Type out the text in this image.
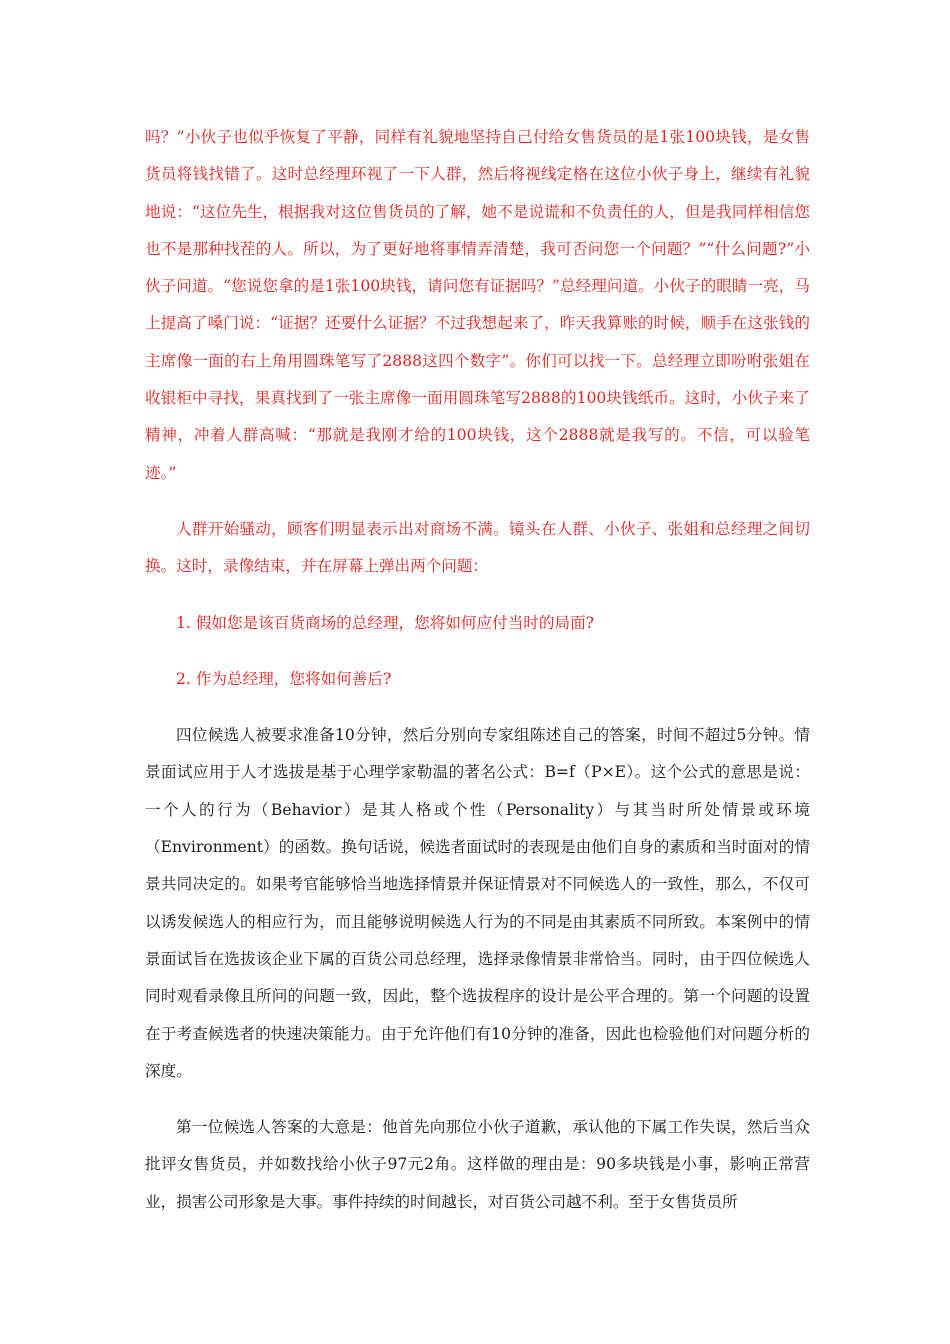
吗？”小伙子也似乎恢复了平静，同样有礼貌地坚持自己付给女售货员的是1张100块钱，是女售货员将钱找错了。这时总经理环视了一下人群，然后将视线定格在这位小伙子身上，继续有礼貌地说：“这位先生，根据我对这位售货员的了解，她不是说谎和不负责任的人，但是我同样相信您也不是那种找茬的人。所以，为了更好地将事情弄清楚，我可否问您一个问题？”“什么问题?”小伙子问道。“您说您拿的是1张100块钱，请问您有证据吗？”总经理问道。小伙子的眼睛一亮，马上提高了嗓门说：“证据？还要什么证据？不过我想起来了，昨天我算账的时候，顺手在这张钱的主席像一面的右上角用圆珠笔写了2888这四个数字”。你们可以找一下。总经理立即吩咐张姐在收银柜中寻找，果真找到了一张主席像一面用圆珠笔写2888的100块钱纸币。这时，小伙子来了精神，冲着人群高喊：“那就是我刚才给的100块钱，这个2888就是我写的。不信，可以验笔迹。”

人群开始骚动，顾客们明显表示出对商场不满。镜头在人群、小伙子、张姐和总经理之间切换。这时，录像结束，并在屏幕上弹出两个问题：

1. 假如您是该百货商场的总经理，您将如何应付当时的局面?

2. 作为总经理，您将如何善后?

四位候选人被要求准备10分钟，然后分别向专家组陈述自己的答案，时间不超过5分钟。情景面试应用于人才选拔是基于心理学家勒温的著名公式：B=f（P×E）。这个公式的意思是说：一个人的行为（Behavior）是其人格或个性（Personality）与其当时所处情景或环境（Environment）的函数。换句话说，候选者面试时的表现是由他们自身的素质和当时面对的情景共同决定的。如果考官能够恰当地选择情景并保证情景对不同候选人的一致性，那么，不仅可以诱发候选人的相应行为，而且能够说明候选人行为的不同是由其素质不同所致。本案例中的情景面试旨在选拔该企业下属的百货公司总经理，选择录像情景非常恰当。同时，由于四位候选人同时观看录像且所问的问题一致，因此，整个选拔程序的设计是公平合理的。第一个问题的设置在于考查候选者的快速决策能力。由于允许他们有10分钟的准备，因此也检验他们对问题分析的深度。

第一位候选人答案的大意是：他首先向那位小伙子道歉，承认他的下属工作失误，然后当众批评女售货员，并如数找给小伙子97元2角。这样做的理由是：90多块钱是小事，影响正常营业，损害公司形象是大事。事件持续的时间越长，对百货公司越不利。至于女售货员所
